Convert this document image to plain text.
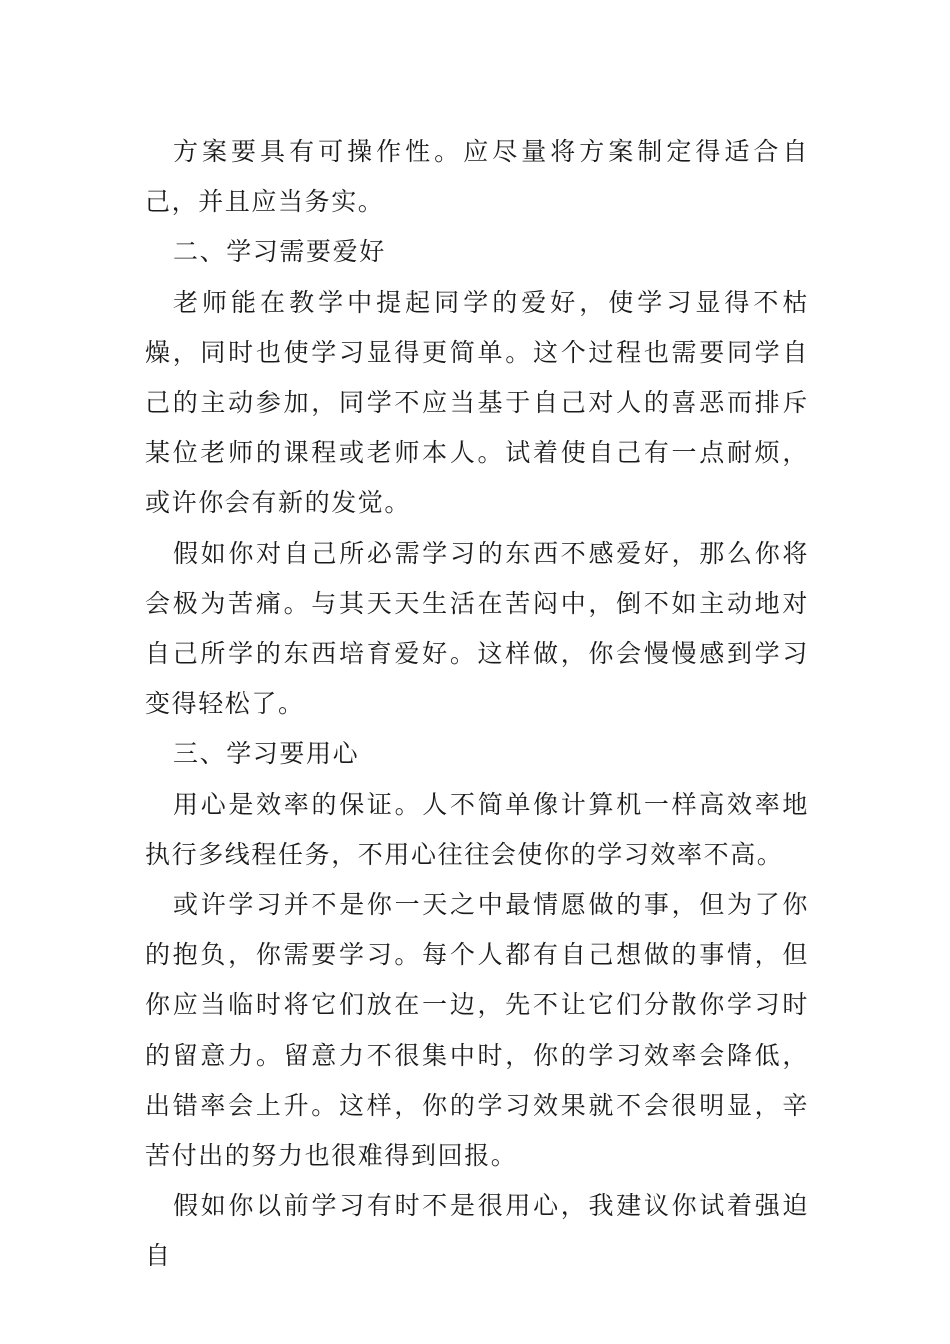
方案要具有可操作性。应尽量将方案制定得适合自己，并且应当务实。

二、学习需要爱好

老师能在教学中提起同学的爱好，使学习显得不枯燥，同时也使学习显得更简单。这个过程也需要同学自己的主动参加，同学不应当基于自己对人的喜恶而排斥某位老师的课程或老师本人。试着使自己有一点耐烦，或许你会有新的发觉。

假如你对自己所必需学习的东西不感爱好，那么你将会极为苦痛。与其天天生活在苦闷中，倒不如主动地对自己所学的东西培育爱好。这样做，你会慢慢感到学习变得轻松了。

三、学习要用心

用心是效率的保证。人不简单像计算机一样高效率地执行多线程任务，不用心往往会使你的学习效率不高。

或许学习并不是你一天之中最情愿做的事，但为了你的抱负，你需要学习。每个人都有自己想做的事情，但你应当临时将它们放在一边，先不让它们分散你学习时的留意力。留意力不很集中时，你的学习效率会降低，出错率会上升。这样，你的学习效果就不会很明显，辛苦付出的努力也很难得到回报。

假如你以前学习有时不是很用心，我建议你试着强迫自
